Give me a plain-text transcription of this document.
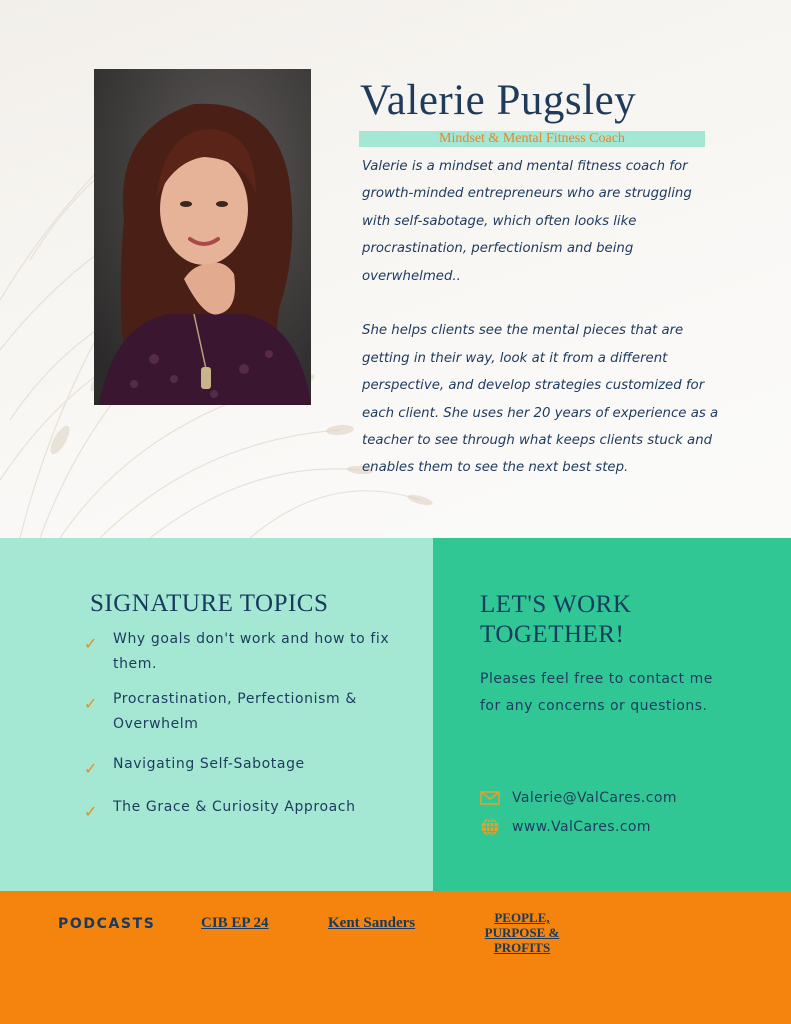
Valerie Pugsley
Mindset & Mental Fitness Coach

Valerie is a mindset and mental fitness coach for growth-minded entrepreneurs who are struggling with self-sabotage, which often looks like procrastination, perfectionism and being overwhelmed..

She helps clients see the mental pieces that are getting in their way, look at it from a different perspective, and develop strategies customized for each client. She uses her 20 years of experience as a teacher to see through what keeps clients stuck and enables them to see the next best step.

SIGNATURE TOPICS
✓ Why goals don't work and how to fix them.
✓ Procrastination, Perfectionism & Overwhelm
✓ Navigating Self-Sabotage
✓ The Grace & Curiosity Approach
LET'S WORK TOGETHER!
Pleases feel free to contact me for any concerns or questions.
Valerie@ValCares.com
www.ValCares.com
PODCASTS	CIB EP 24	Kent Sanders	PEOPLE, PURPOSE & PROFITS
